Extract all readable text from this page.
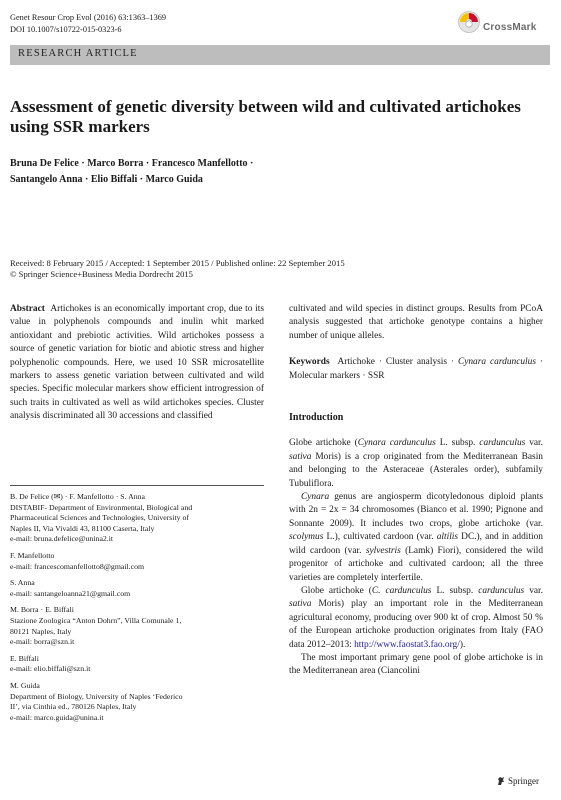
Genet Resour Crop Evol (2016) 63:1363–1369
DOI 10.1007/s10722-015-0323-6	CrossMark
RESEARCH ARTICLE
Assessment of genetic diversity between wild and cultivated artichokes using SSR markers
Bruna De Felice · Marco Borra · Francesco Manfellotto ·
Santangelo Anna · Elio Biffali · Marco Guida
Received: 8 February 2015 / Accepted: 1 September 2015 / Published online: 22 September 2015
© Springer Science+Business Media Dordrecht 2015

Abstract Artichokes is an economically important crop, due to its value in polyphenols compounds and inulin whit marked antioxidant and prebiotic activities. Wild artichokes possess a source of genetic variation for biotic and abiotic stress and higher polyphenolic compounds. Here, we used 10 SSR microsatellite markers to assess genetic variation between cultivated and wild species. Specific molecular markers show efficient introgression of such traits in cultivated as well as wild artichokes species. Cluster analysis discriminated all 30 accessions and classified

B. De Felice (✉) · F. Manfellotto · S. Anna
DISTABIF- Department of Environmental, Biological and
Pharmaceutical Sciences and Technologies, University of
Naples II, Via Vivaldi 43, 81100 Caserta, Italy
e-mail: bruna.defelice@unina2.it
F. Manfellotto
e-mail: francescomanfellotto8@gmail.com
S. Anna
e-mail: santangeloanna21@gmail.com
M. Borra · E. Biffali
Stazione Zoologica “Anton Dohrn”, Villa Comunale 1,
80121 Naples, Italy
e-mail: borra@szn.it
E. Biffali
e-mail: elio.biffali@szn.it
M. Guida
Department of Biology, University of Naples ‘Federico
II’, via Cinthia ed., 780126 Naples, Italy
e-mail: marco.guida@unina.it

cultivated and wild species in distinct groups. Results from PCoA analysis suggested that artichoke genotype contains a higher number of unique alleles.

Keywords Artichoke · Cluster analysis · Cynara cardunculus · Molecular markers · SSR

Introduction

Globe artichoke (Cynara cardunculus L. subsp. cardunculus var. sativa Moris) is a crop originated from the Mediterranean Basin and belonging to the Asteraceae (Asterales order), subfamily Tubuliflora.

Cynara genus are angiosperm dicotyledonous diploid plants with 2n = 2x = 34 chromosomes (Bianco et al. 1990; Pignone and Sonnante 2009). It includes two crops, globe artichoke (var. scolymus L.), cultivated cardoon (var. altilis DC.), and in addition wild cardoon (var. sylvestris (Lamk) Fiori), considered the wild progenitor of artichoke and cultivated cardoon; all the three varieties are completely interfertile.

Globe artichoke (C. cardunculus L. subsp. cardunculus var. sativa Moris) play an important role in the Mediterranean agricultural economy, producing over 900 kt of crop. Almost 50 % of the European artichoke production originates from Italy (FAO data 2012–2013: http://www.faostat3.fao.org/).

The most important primary gene pool of globe artichoke is in the Mediterranean area (Ciancolini

Springer
